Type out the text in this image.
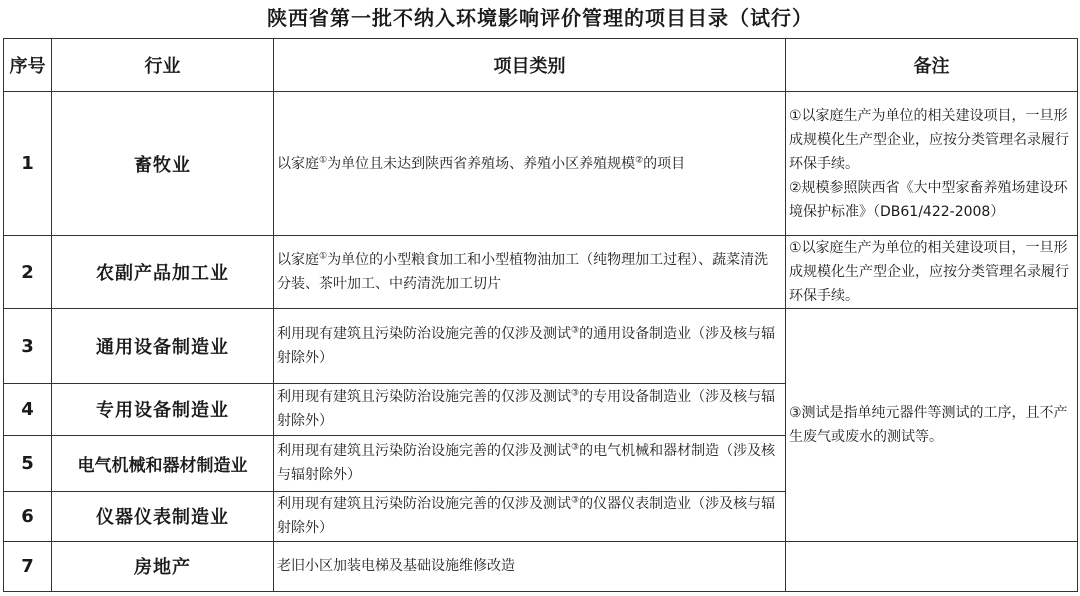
陕西省第一批不纳入环境影响评价管理的项目目录（试行）
序号	行业	项目类别	备注
1	畜牧业	以家庭①为单位且未达到陕西省养殖场、养殖小区养殖规模②的项目	①以家庭生产为单位的相关建设项目，一旦形成规模化生产型企业，应按分类管理名录履行环保手续。
②规模参照陕西省《大中型家畜养殖场建设环境保护标准》（DB61/422-2008）

2	农副产品加工业	以家庭①为单位的小型粮食加工和小型植物油加工（纯物理加工过程）、蔬菜清洗分装、茶叶加工、中药清洗加工切片	①以家庭生产为单位的相关建设项目，一旦形成规模化生产型企业，应按分类管理名录履行环保手续。
3	通用设备制造业	利用现有建筑且污染防治设施完善的仅涉及测试③的通用设备制造业（涉及核与辐射除外）	③测试是指单纯元器件等测试的工序，且不产生废气或废水的测试等。
4	专用设备制造业	利用现有建筑且污染防治设施完善的仅涉及测试③的专用设备制造业（涉及核与辐射除外）	
5	电气机械和器材制造业	利用现有建筑且污染防治设施完善的仅涉及测试③的电气机械和器材制造（涉及核与辐射除外）	
6	仪器仪表制造业	利用现有建筑且污染防治设施完善的仅涉及测试③的仪器仪表制造业（涉及核与辐射除外）	
7	房地产	老旧小区加装电梯及基础设施维修改造	
